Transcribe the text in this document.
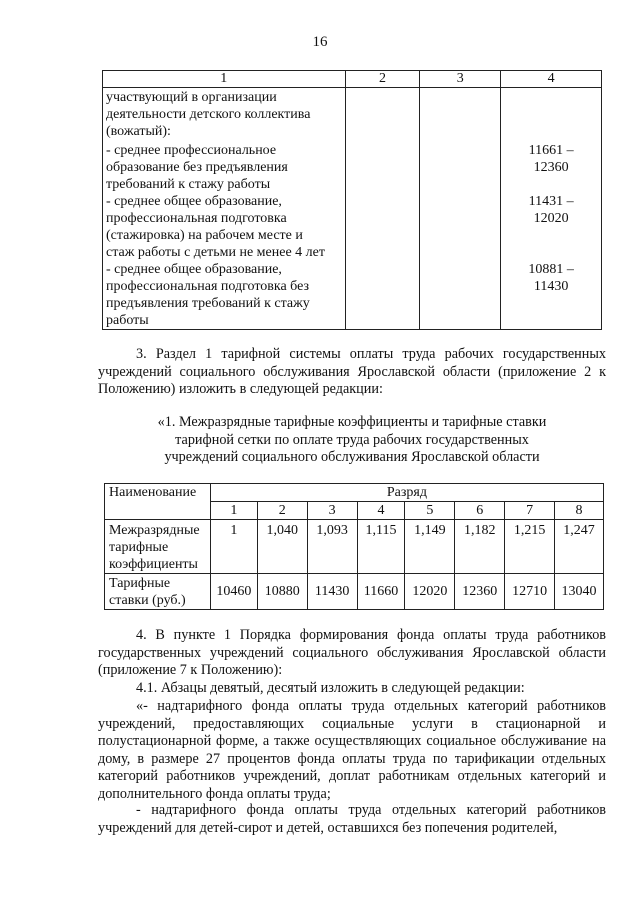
16
1	2	3	4

участвующий в организации
деятельности детского коллектива
(вожатый):			

- среднее профессиональное
образование без предъявления
требований к стажу работы			11661 –
12360

- среднее общее образование,
профессиональная подготовка
(стажировка) на рабочем месте и
стаж работы с детьми не менее 4 лет			11431 –
12020

- среднее общее образование,
профессиональная подготовка без
предъявления требований к стажу
работы			10881 –
11430
3. Раздел 1 тарифной системы оплаты труда рабочих государственных учреждений социального обслуживания Ярославской области (приложение 2 к Положению) изложить в следующей редакции:
«1. Межразрядные тарифные коэффициенты и тарифные ставки
тарифной сетки по оплате труда рабочих государственных
учреждений социального обслуживания Ярославской области
Наименование	Разряд							
	1	2	3	4	5	6	7	8

Межразрядные
тарифные
коэффициенты	1	1,040	1,093	1,115	1,149	1,182	1,215	1,247

Тарифные
ставки (руб.)	10460	10880	11430	11660	12020	12360	12710	13040
4. В пункте 1 Порядка формирования фонда оплаты труда работников государственных учреждений социального обслуживания Ярославской области (приложение 7 к Положению):
4.1. Абзацы девятый, десятый изложить в следующей редакции:
«- надтарифного фонда оплаты труда отдельных категорий работников учреждений, предоставляющих социальные услуги в стационарной и полустационарной форме, а также осуществляющих социальное обслуживание на дому, в размере 27 процентов фонда оплаты труда по тарификации отдельных категорий работников учреждений, доплат работникам отдельных категорий и дополнительного фонда оплаты труда;
- надтарифного фонда оплаты труда отдельных категорий работников учреждений для детей-сирот и детей, оставшихся без попечения родителей,
